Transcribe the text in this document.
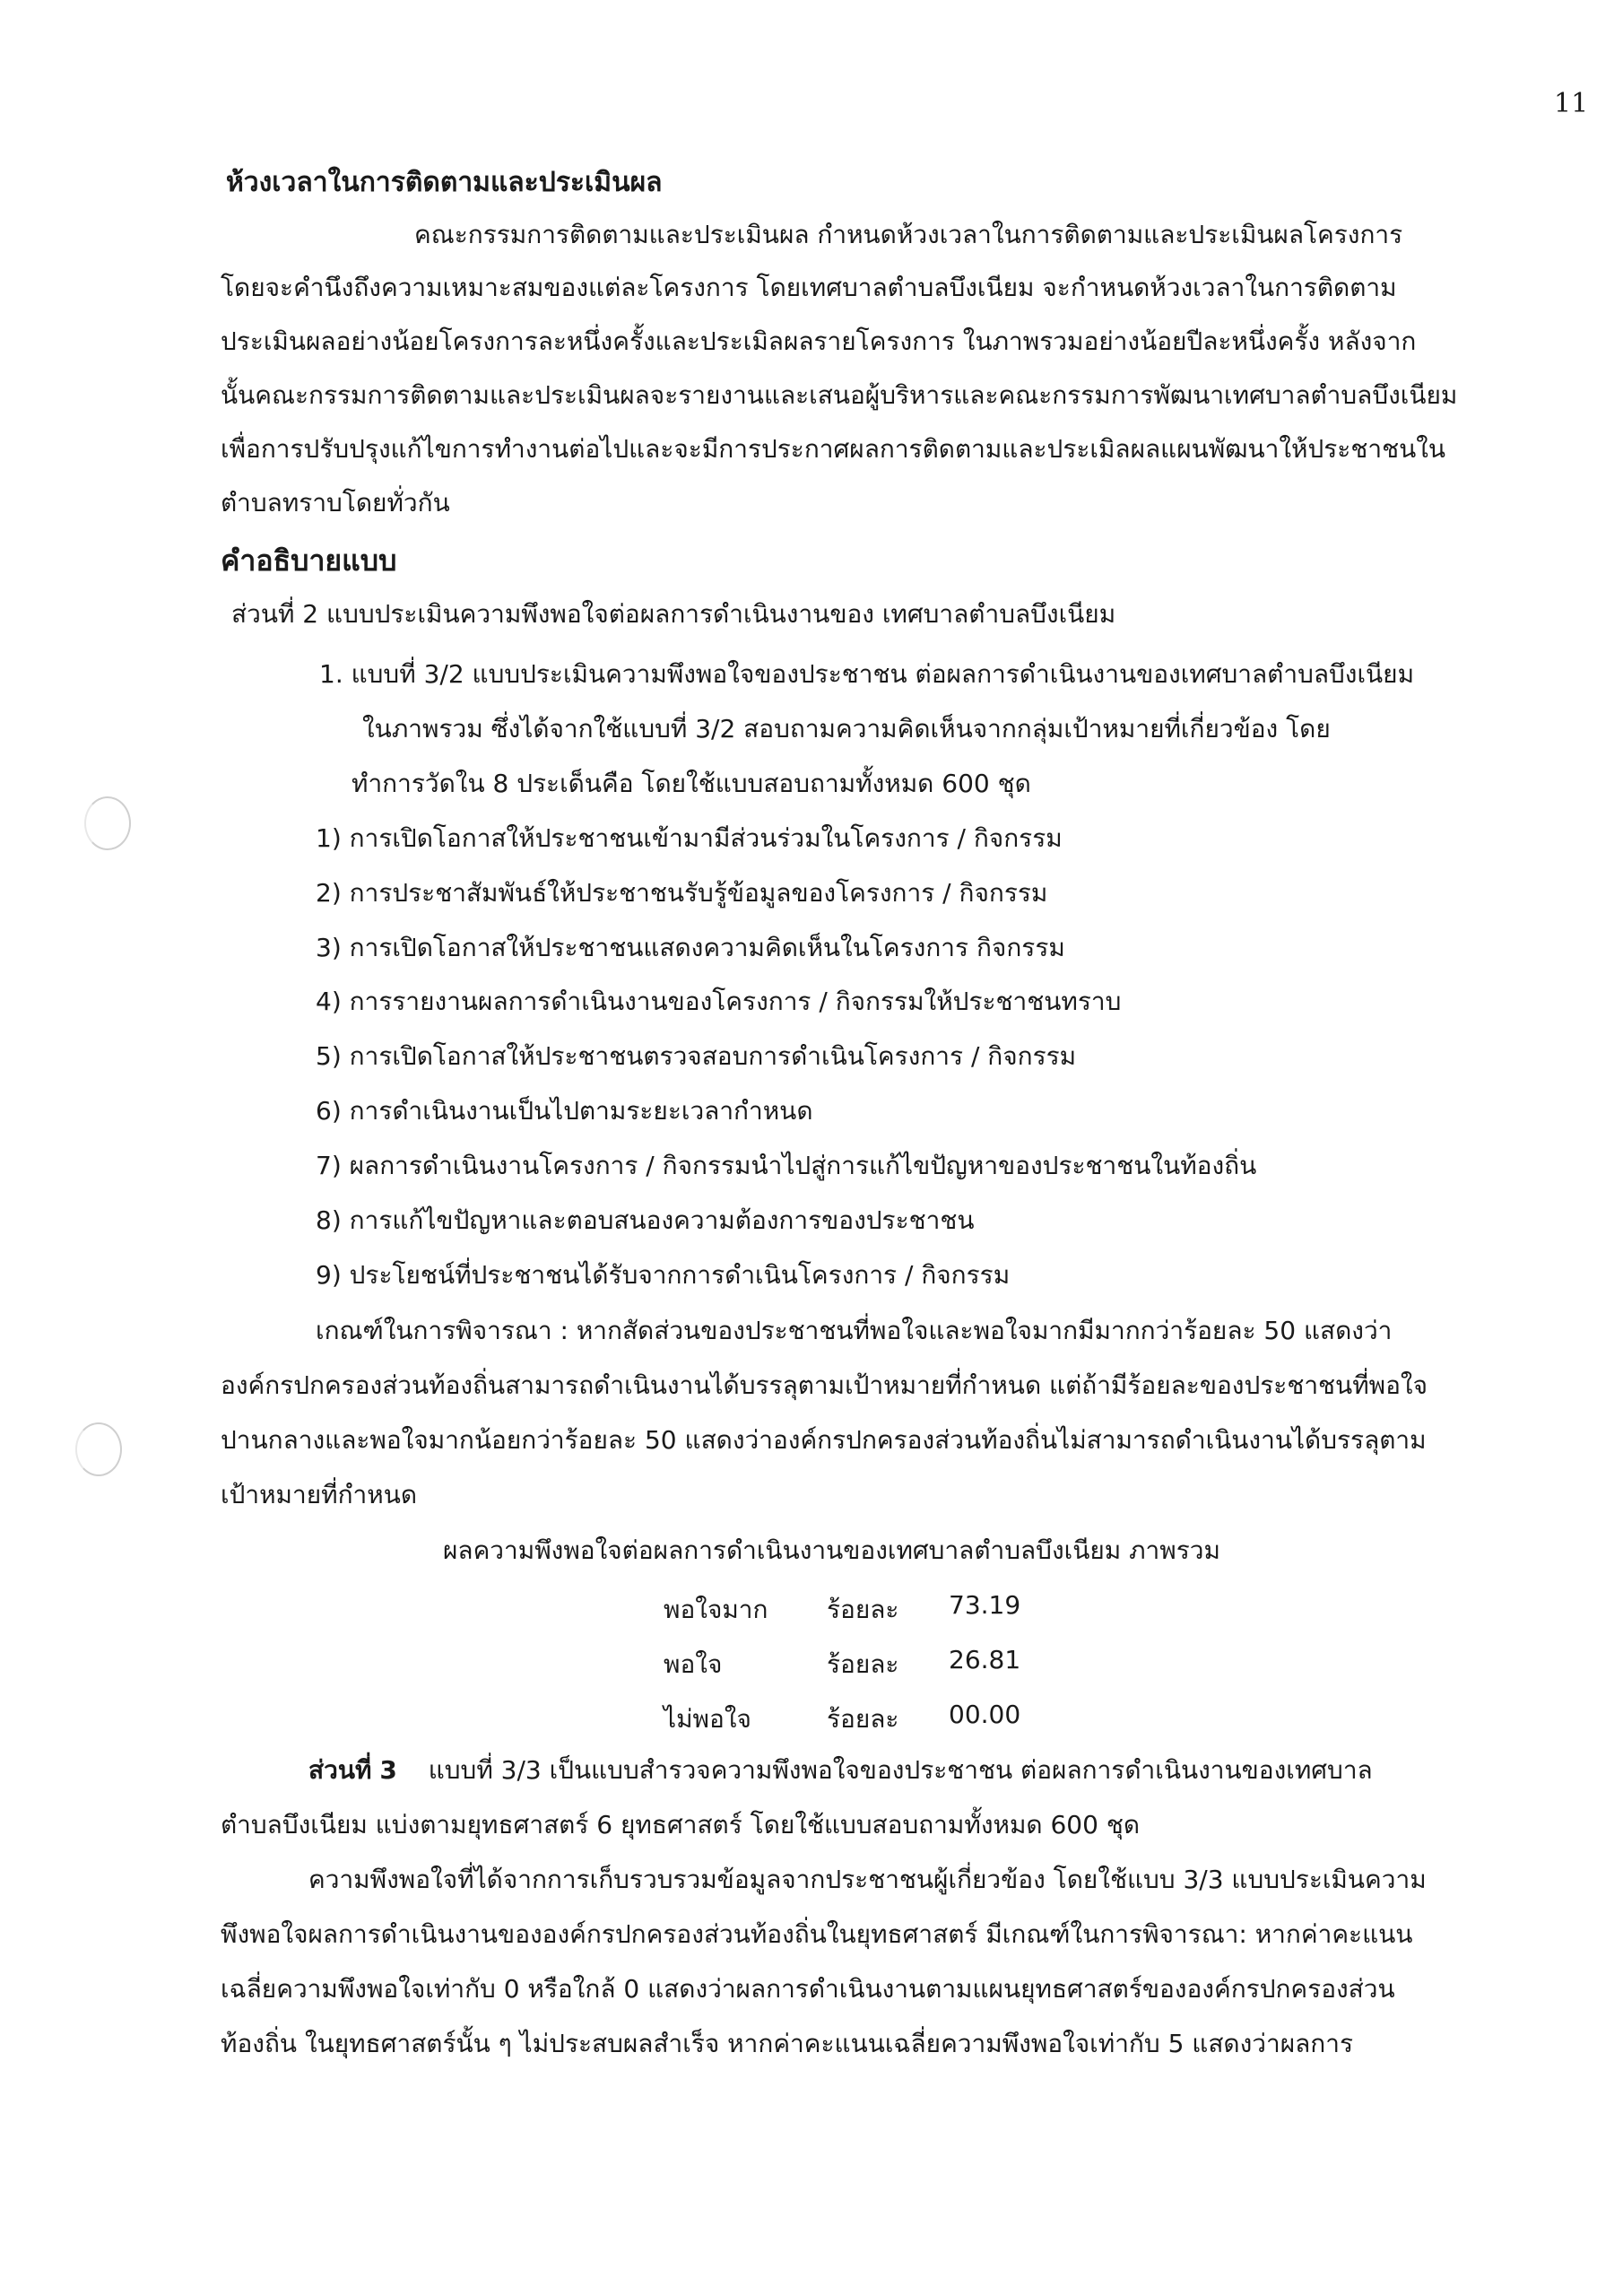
11
ห้วงเวลาในการติดตามและประเมินผล
คณะกรรมการติดตามและประเมินผล กำหนดห้วงเวลาในการติดตามและประเมินผลโครงการ
โดยจะคำนึงถึงความเหมาะสมของแต่ละโครงการ โดยเทศบาลตำบลบึงเนียม จะกำหนดห้วงเวลาในการติดตาม
ประเมินผลอย่างน้อยโครงการละหนึ่งครั้งและประเมิลผลรายโครงการ ในภาพรวมอย่างน้อยปีละหนึ่งครั้ง หลังจาก
นั้นคณะกรรมการติดตามและประเมินผลจะรายงานและเสนอผู้บริหารและคณะกรรมการพัฒนาเทศบาลตำบลบึงเนียม
เพื่อการปรับปรุงแก้ไขการทำงานต่อไปและจะมีการประกาศผลการติดตามและประเมิลผลแผนพัฒนาให้ประชาชนใน
ตำบลทราบโดยทั่วกัน
คำอธิบายแบบ
ส่วนที่ 2 แบบประเมินความพึงพอใจต่อผลการดำเนินงานของ เทศบาลตำบลบึงเนียม
1. แบบที่ 3/2 แบบประเมินความพึงพอใจของประชาชน ต่อผลการดำเนินงานของเทศบาลตำบลบึงเนียม
ในภาพรวม ซึ่งได้จากใช้แบบที่ 3/2 สอบถามความคิดเห็นจากกลุ่มเป้าหมายที่เกี่ยวข้อง โดย
ทำการวัดใน 8 ประเด็นคือ โดยใช้แบบสอบถามทั้งหมด 600 ชุด
1) การเปิดโอกาสให้ประชาชนเข้ามามีส่วนร่วมในโครงการ / กิจกรรม
2) การประชาสัมพันธ์ให้ประชาชนรับรู้ข้อมูลของโครงการ / กิจกรรม
3) การเปิดโอกาสให้ประชาชนแสดงความคิดเห็นในโครงการ กิจกรรม
4) การรายงานผลการดำเนินงานของโครงการ / กิจกรรมให้ประชาชนทราบ
5) การเปิดโอกาสให้ประชาชนตรวจสอบการดำเนินโครงการ / กิจกรรม
6) การดำเนินงานเป็นไปตามระยะเวลากำหนด
7) ผลการดำเนินงานโครงการ / กิจกรรมนำไปสู่การแก้ไขปัญหาของประชาชนในท้องถิ่น
8) การแก้ไขปัญหาและตอบสนองความต้องการของประชาชน
9) ประโยชน์ที่ประชาชนได้รับจากการดำเนินโครงการ / กิจกรรม
เกณฑ์ในการพิจารณา : หากสัดส่วนของประชาชนที่พอใจและพอใจมากมีมากกว่าร้อยละ 50 แสดงว่า
องค์กรปกครองส่วนท้องถิ่นสามารถดำเนินงานได้บรรลุตามเป้าหมายที่กำหนด แต่ถ้ามีร้อยละของประชาชนที่พอใจ
ปานกลางและพอใจมากน้อยกว่าร้อยละ 50 แสดงว่าองค์กรปกครองส่วนท้องถิ่นไม่สามารถดำเนินงานได้บรรลุตาม
เป้าหมายที่กำหนด
ผลความพึงพอใจต่อผลการดำเนินงานของเทศบาลตำบลบึงเนียม ภาพรวม
พอใจมาก ร้อยละ 73.19
พอใจ	ร้อยละ 26.81
ไม่พอใจ	ร้อยละ 00.00
ส่วนที่ 3 แบบที่ 3/3 เป็นแบบสำรวจความพึงพอใจของประชาชน ต่อผลการดำเนินงานของเทศบาล
ตำบลบึงเนียม แบ่งตามยุทธศาสตร์ 6 ยุทธศาสตร์ โดยใช้แบบสอบถามทั้งหมด 600 ชุด
ความพึงพอใจที่ได้จากการเก็บรวบรวมข้อมูลจากประชาชนผู้เกี่ยวข้อง โดยใช้แบบ 3/3 แบบประเมินความ
พึงพอใจผลการดำเนินงานขององค์กรปกครองส่วนท้องถิ่นในยุทธศาสตร์ มีเกณฑ์ในการพิจารณา: หากค่าคะแนน
เฉลี่ยความพึงพอใจเท่ากับ 0 หรือใกล้ 0 แสดงว่าผลการดำเนินงานตามแผนยุทธศาสตร์ขององค์กรปกครองส่วน
ท้องถิ่น ในยุทธศาสตร์นั้น ๆ ไม่ประสบผลสำเร็จ หากค่าคะแนนเฉลี่ยความพึงพอใจเท่ากับ 5 แสดงว่าผลการ
